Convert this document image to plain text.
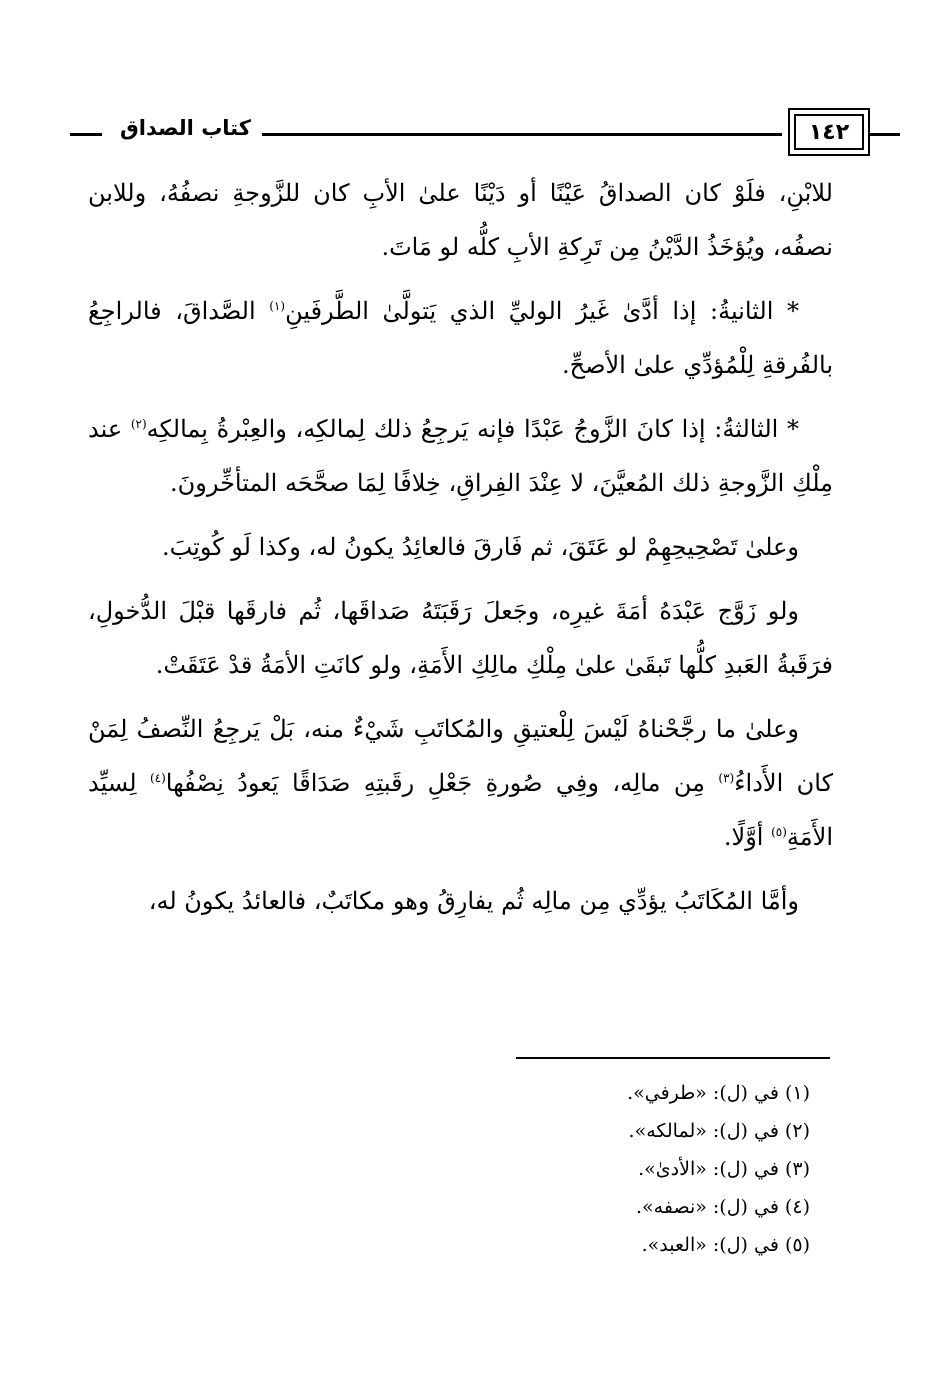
كتاب الصداق	١٤٢

للابْنِ، فلَوْ كان الصداقُ عَيْنًا أو دَيْنًا علىٰ الأبِ كان للزَّوجةِ نصفُهُ، وللابن نصفُه، ويُؤخَذُ الدَّيْنُ مِن تَرِكةِ الأبِ كلُّه لو مَاتَ.

* الثانيةُ: إذا أدَّىٰ غَيرُ الوليِّ الذي يَتولَّىٰ الطَّرفَينِ$^{(١)}$ الصَّداقَ، فالراجِعُ بالفُرقةِ لِلْمُؤدِّي علىٰ الأصحِّ.

* الثالثةُ: إذا كانَ الزَّوجُ عَبْدًا فإنه يَرجِعُ ذلك لِمالكِه، والعِبْرةُ بِمالكِه$^{(٢)}$ عند مِلْكِ الزَّوجةِ ذلك المُعيَّنَ، لا عِنْدَ الفِراقِ، خِلافًا لِمَا صحَّحَه المتأخِّرونَ.

وعلىٰ تَصْحِيحِهِمْ لو عَتَقَ، ثم فَارقَ فالعائِدُ يكونُ له، وكذا لَو كُوتِبَ.

ولو زَوَّج عَبْدَهُ أمَةَ غيرِه، وجَعلَ رَقَبَتَهُ صَداقَها، ثُم فارقَها قبْلَ الدُّخولِ، فرَقَبةُ العَبدِ كلُّها تَبقَىٰ علىٰ مِلْكِ مالِكِ الأَمَةِ، ولو كانَتِ الأمَةُ قدْ عَتَقَتْ.

وعلىٰ ما رجَّحْناهُ لَيْسَ لِلْعتيقِ والمُكاتَبِ شَيْءٌ منه، بَلْ يَرجِعُ النِّصفُ لِمَنْ كان الأَداءُ$^{(٣)}$ مِن مالِه، وفِي صُورةِ جَعْلِ رقَبتِهِ صَدَاقًا يَعودُ نِصْفُها$^{(٤)}$ لِسيِّد الأَمَةِ$^{(٥)}$ أوَّلًا.

وأمَّا المُكَاتَبُ يؤدِّي مِن مالِه ثُم يفارِقُ وهو مكاتَبٌ، فالعائدُ يكونُ له،

(١) في (ل): «طرفي».

(٢) في (ل): «لمالكه».

(٣) في (ل): «الأدىٰ».

(٤) في (ل): «نصفه».

(٥) في (ل): «العبد».
